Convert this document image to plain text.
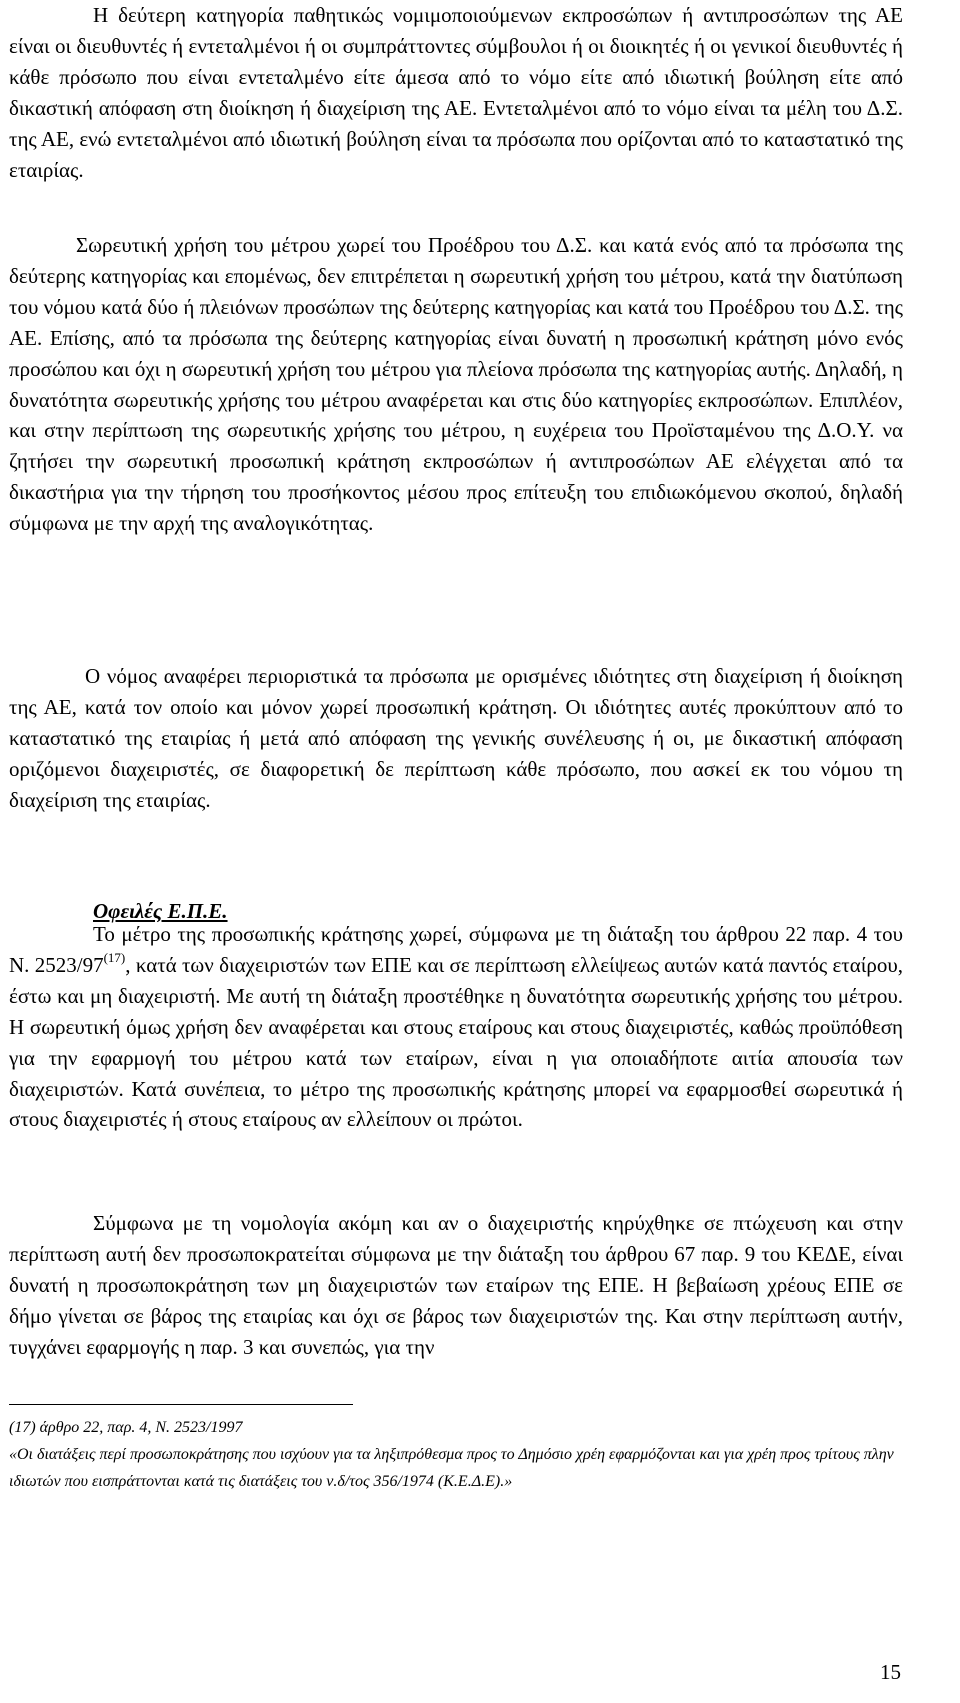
Η δεύτερη κατηγορία παθητικώς νομιμοποιούμενων εκπροσώπων ή αντιπροσώπων της ΑΕ είναι οι διευθυντές ή εντεταλμένοι ή οι συμπράττοντες σύμβουλοι ή οι διοικητές ή οι γενικοί διευθυντές ή κάθε πρόσωπο που είναι εντεταλμένο είτε άμεσα από το νόμο είτε από ιδιωτική βούληση είτε από δικαστική απόφαση στη διοίκηση ή διαχείριση της ΑΕ. Εντεταλμένοι από το νόμο είναι τα μέλη του Δ.Σ. της ΑΕ, ενώ εντεταλμένοι από ιδιωτική βούληση είναι τα πρόσωπα που ορίζονται από το καταστατικό της εταιρίας.

Σωρευτική χρήση του μέτρου χωρεί του Προέδρου του Δ.Σ. και κατά ενός από τα πρόσωπα της δεύτερης κατηγορίας και επομένως, δεν επιτρέπεται η σωρευτική χρήση του μέτρου, κατά την διατύπωση του νόμου κατά δύο ή πλειόνων προσώπων της δεύτερης κατηγορίας και κατά του Προέδρου του Δ.Σ. της ΑΕ. Επίσης, από τα πρόσωπα της δεύτερης κατηγορίας είναι δυνατή η προσωπική κράτηση μόνο ενός προσώπου και όχι η σωρευτική χρήση του μέτρου για πλείονα πρόσωπα της κατηγορίας αυτής. Δηλαδή, η δυνατότητα σωρευτικής χρήσης του μέτρου αναφέρεται και στις δύο κατηγορίες εκπροσώπων. Επιπλέον, και στην περίπτωση της σωρευτικής χρήσης του μέτρου, η ευχέρεια του Προϊσταμένου της Δ.Ο.Υ. να ζητήσει την σωρευτική προσωπική κράτηση εκπροσώπων ή αντιπροσώπων ΑΕ ελέγχεται από τα δικαστήρια για την τήρηση του προσήκοντος μέσου προς επίτευξη του επιδιωκόμενου σκοπού, δηλαδή σύμφωνα με την αρχή της αναλογικότητας.

Ο νόμος αναφέρει περιοριστικά τα πρόσωπα με ορισμένες ιδιότητες στη διαχείριση ή διοίκηση της ΑΕ, κατά τον οποίο και μόνον χωρεί προσωπική κράτηση. Οι ιδιότητες αυτές προκύπτουν από το καταστατικό της εταιρίας ή μετά από απόφαση της γενικής συνέλευσης ή οι, με δικαστική απόφαση οριζόμενοι διαχειριστές, σε διαφορετική δε περίπτωση κάθε πρόσωπο, που ασκεί εκ του νόμου τη διαχείριση της εταιρίας.

Οφειλές Ε.Π.Ε.

Το μέτρο της προσωπικής κράτησης χωρεί, σύμφωνα με τη διάταξη του άρθρου 22 παρ. 4 του Ν. 2523/97$^{(17)}$, κατά των διαχειριστών των ΕΠΕ και σε περίπτωση ελλείψεως αυτών κατά παντός εταίρου, έστω και μη διαχειριστή. Με αυτή τη διάταξη προστέθηκε η δυνατότητα σωρευτικής χρήσης του μέτρου. Η σωρευτική όμως χρήση δεν αναφέρεται και στους εταίρους και στους διαχειριστές, καθώς προϋπόθεση για την εφαρμογή του μέτρου κατά των εταίρων, είναι η για οποιαδήποτε αιτία απουσία των διαχειριστών. Κατά συνέπεια, το μέτρο της προσωπικής κράτησης μπορεί να εφαρμοσθεί σωρευτικά ή στους διαχειριστές ή στους εταίρους αν ελλείπουν οι πρώτοι.

Σύμφωνα με τη νομολογία ακόμη και αν ο διαχειριστής κηρύχθηκε σε πτώχευση και στην περίπτωση αυτή δεν προσωποκρατείται σύμφωνα με την διάταξη του άρθρου 67 παρ. 9 του ΚΕΔΕ, είναι δυνατή η προσωποκράτηση των μη διαχειριστών των εταίρων της ΕΠΕ. Η βεβαίωση χρέους ΕΠΕ σε δήμο γίνεται σε βάρος της εταιρίας και όχι σε βάρος των διαχειριστών της. Και στην περίπτωση αυτήν, τυγχάνει εφαρμογής η παρ. 3 και συνεπώς, για την

(17) άρθρο 22, παρ. 4, Ν. 2523/1997

«Οι διατάξεις περί προσωποκράτησης που ισχύουν για τα ληξιπρόθεσμα προς το Δημόσιο χρέη εφαρμόζονται και για χρέη προς τρίτους πλην ιδιωτών που εισπράττονται κατά τις διατάξεις του ν.δ/τος 356/1974 (Κ.Ε.Δ.Ε).»

15
